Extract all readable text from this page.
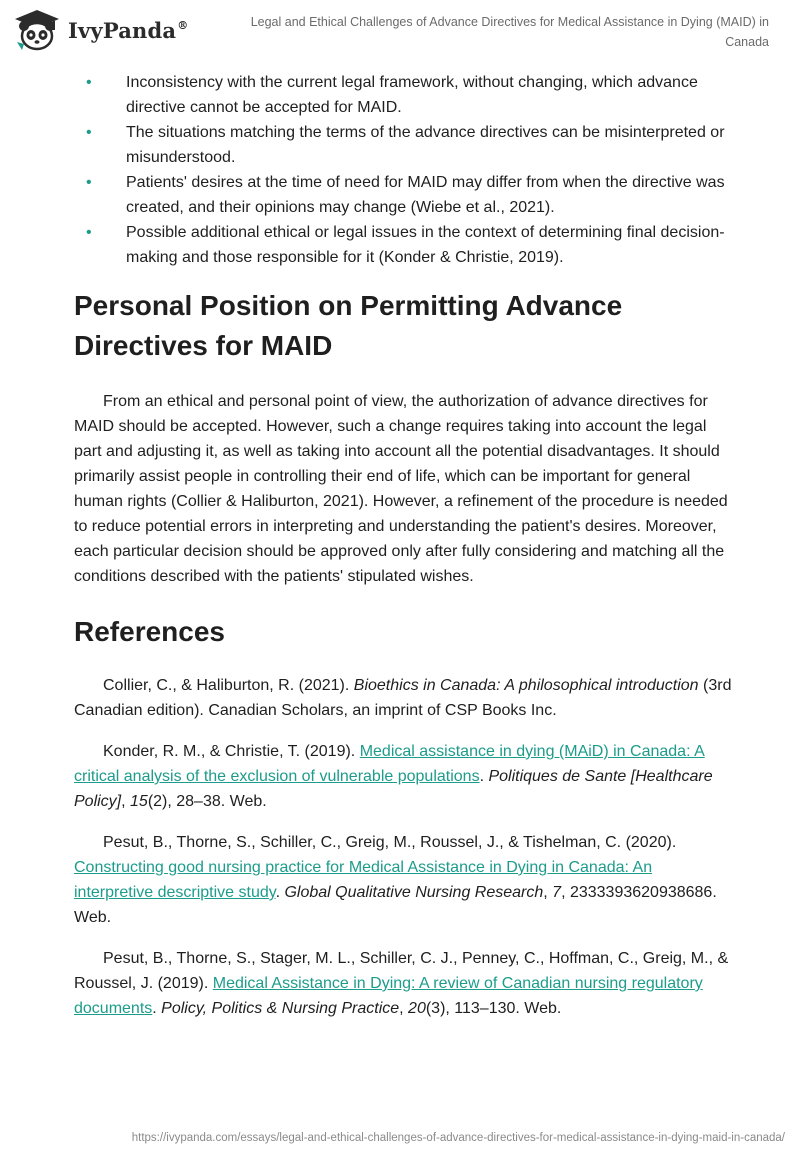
IvyPanda®	Legal and Ethical Challenges of Advance Directives for Medical Assistance in Dying (MAID) in Canada
• Inconsistency with the current legal framework, without changing, which advance directive cannot be accepted for MAID.
• The situations matching the terms of the advance directives can be misinterpreted or misunderstood.
• Patients' desires at the time of need for MAID may differ from when the directive was created, and their opinions may change (Wiebe et al., 2021).
• Possible additional ethical or legal issues in the context of determining final decision-making and those responsible for it (Konder & Christie, 2019).
Personal Position on Permitting Advance Directives for MAID

From an ethical and personal point of view, the authorization of advance directives for MAID should be accepted. However, such a change requires taking into account the legal part and adjusting it, as well as taking into account all the potential disadvantages. It should primarily assist people in controlling their end of life, which can be important for general human rights (Collier & Haliburton, 2021). However, a refinement of the procedure is needed to reduce potential errors in interpreting and understanding the patient's desires. Moreover, each particular decision should be approved only after fully considering and matching all the conditions described with the patients' stipulated wishes.

References

Collier, C., & Haliburton, R. (2021). Bioethics in Canada: A philosophical introduction (3rd Canadian edition). Canadian Scholars, an imprint of CSP Books Inc.

Konder, R. M., & Christie, T. (2019). Medical assistance in dying (MAiD) in Canada: A critical analysis of the exclusion of vulnerable populations. Politiques de Sante [Healthcare Policy], 15(2), 28–38. Web.

Pesut, B., Thorne, S., Schiller, C., Greig, M., Roussel, J., & Tishelman, C. (2020). Constructing good nursing practice for Medical Assistance in Dying in Canada: An interpretive descriptive study. Global Qualitative Nursing Research, 7, 2333393620938686. Web.

Pesut, B., Thorne, S., Stager, M. L., Schiller, C. J., Penney, C., Hoffman, C., Greig, M., & Roussel, J. (2019). Medical Assistance in Dying: A review of Canadian nursing regulatory documents. Policy, Politics & Nursing Practice, 20(3), 113–130. Web.

https://ivypanda.com/essays/legal-and-ethical-challenges-of-advance-directives-for-medical-assistance-in-dying-maid-in-canada/
